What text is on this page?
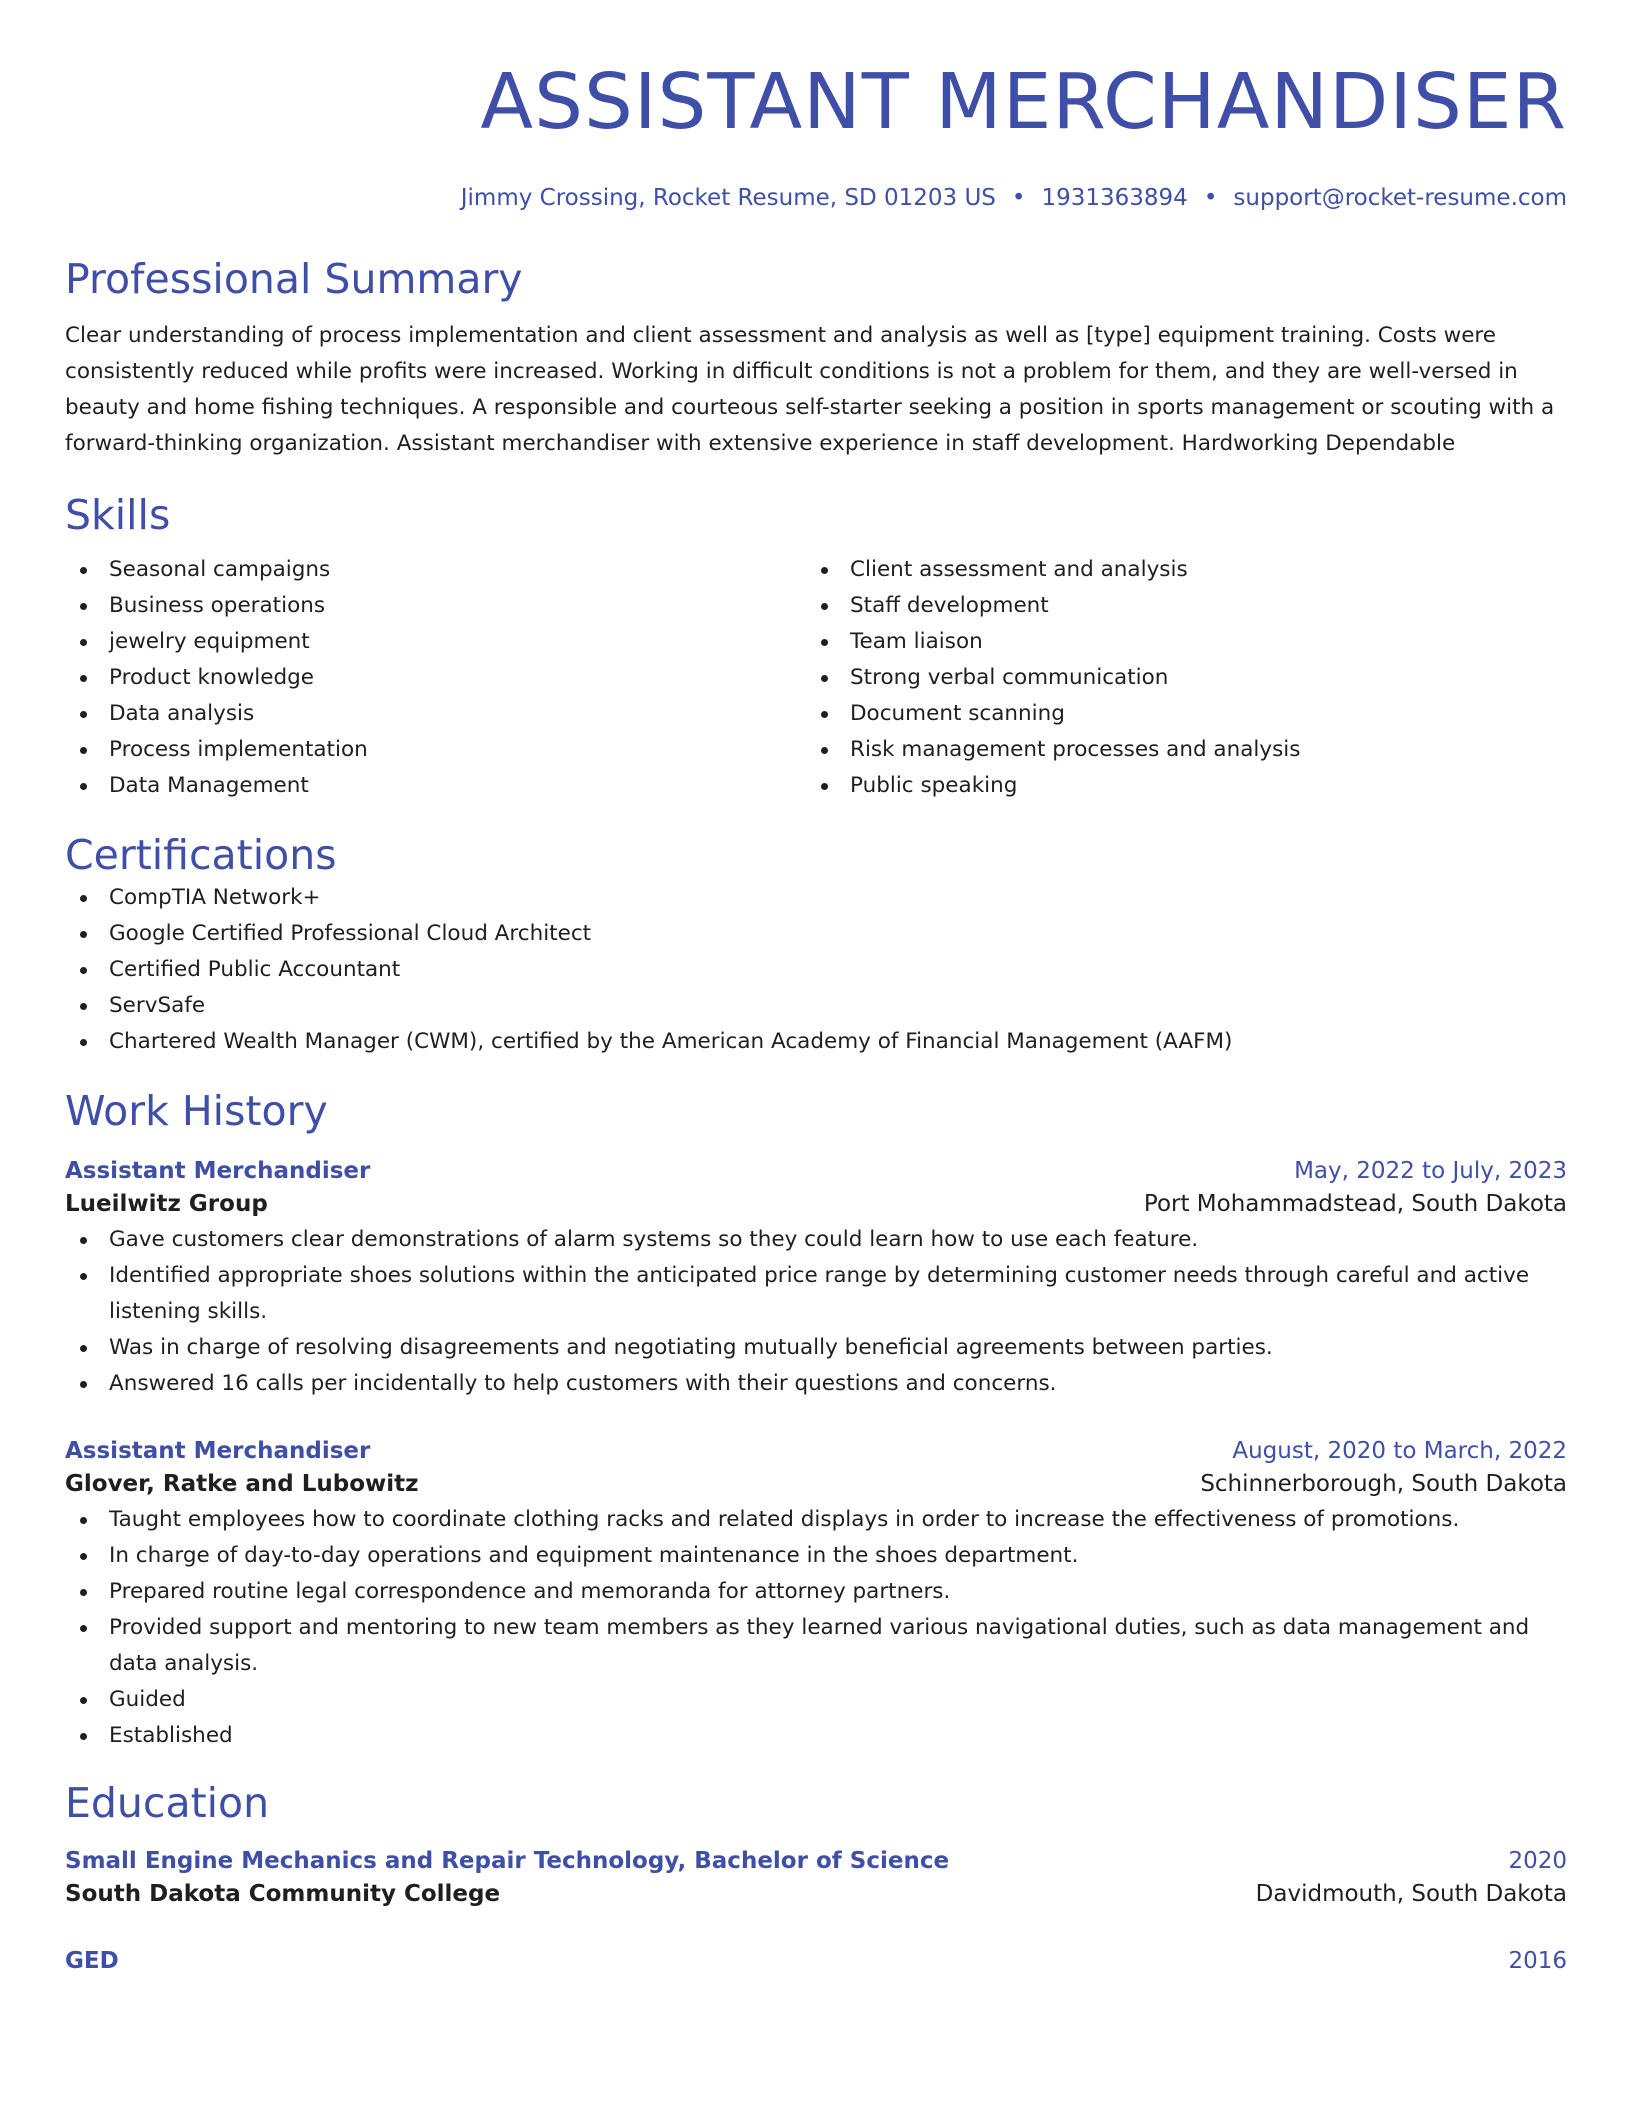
ASSISTANT MERCHANDISER
Jimmy Crossing, Rocket Resume, SD 01203 US • 1931363894 • support@rocket-resume.com
Professional Summary
Clear understanding of process implementation and client assessment and analysis as well as [type] equipment training. Costs were consistently reduced while profits were increased. Working in difficult conditions is not a problem for them, and they are well-versed in beauty and home fishing techniques. A responsible and courteous self-starter seeking a position in sports management or scouting with a forward-thinking organization. Assistant merchandiser with extensive experience in staff development. Hardworking Dependable
Skills
Seasonal campaigns
Business operations
jewelry equipment
Product knowledge
Data analysis
Process implementation
Data Management
Client assessment and analysis
Staff development
Team liaison
Strong verbal communication
Document scanning
Risk management processes and analysis
Public speaking
Certifications
CompTIA Network+
Google Certified Professional Cloud Architect
Certified Public Accountant
ServSafe
Chartered Wealth Manager (CWM), certified by the American Academy of Financial Management (AAFM)
Work History
Assistant Merchandiser	May, 2022 to July, 2023
Lueilwitz Group	Port Mohammadstead, South Dakota
Gave customers clear demonstrations of alarm systems so they could learn how to use each feature.
Identified appropriate shoes solutions within the anticipated price range by determining customer needs through careful and active listening skills.
Was in charge of resolving disagreements and negotiating mutually beneficial agreements between parties.
Answered 16 calls per incidentally to help customers with their questions and concerns.
Assistant Merchandiser	August, 2020 to March, 2022
Glover, Ratke and Lubowitz	Schinnerborough, South Dakota
Taught employees how to coordinate clothing racks and related displays in order to increase the effectiveness of promotions.
In charge of day-to-day operations and equipment maintenance in the shoes department.
Prepared routine legal correspondence and memoranda for attorney partners.
Provided support and mentoring to new team members as they learned various navigational duties, such as data management and data analysis.
Guided
Established
Education
Small Engine Mechanics and Repair Technology, Bachelor of Science	2020
South Dakota Community College	Davidmouth, South Dakota
GED	2016
